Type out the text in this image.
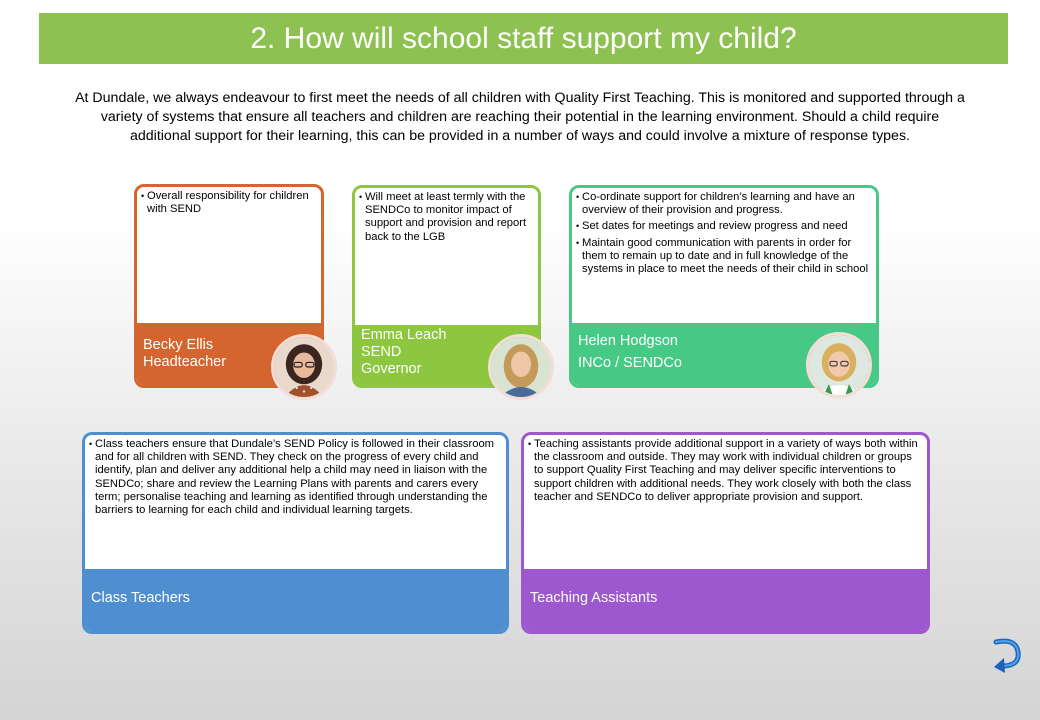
2. How will school staff support my child?

At Dundale, we always endeavour to first meet the needs of all children with Quality First Teaching. This is monitored and supported through a variety of systems that ensure all teachers and children are reaching their potential in the learning environment. Should a child require additional support for their learning, this can be provided in a number of ways and could involve a mixture of response types.

• Overall responsibility for children with SEND
Becky Ellis
Headteacher
• Will meet at least termly with the SENDCo to monitor impact of support and provision and report back to the LGB
Emma Leach
SEND
Governor
• Co-ordinate support for children’s learning and have an overview of their provision and progress.
• Set dates for meetings and review progress and need
• Maintain good communication with parents in order for them to remain up to date and in full knowledge of the systems in place to meet the needs of their child in school
Helen Hodgson
INCo / SENDCo
• Class teachers ensure that Dundale’s SEND Policy is followed in their classroom and for all children with SEND. They check on the progress of every child and identify, plan and deliver any additional help a child may need in liaison with the SENDCo; share and review the Learning Plans with parents and carers every term; personalise teaching and learning as identified through understanding the barriers to learning for each child and individual learning targets.
Class Teachers
• Teaching assistants provide additional support in a variety of ways both within the classroom and outside. They may work with individual children or groups to support Quality First Teaching and may deliver specific interventions to support children with additional needs. They work closely with both the class teacher and SENDCo to deliver appropriate provision and support.
Teaching Assistants
